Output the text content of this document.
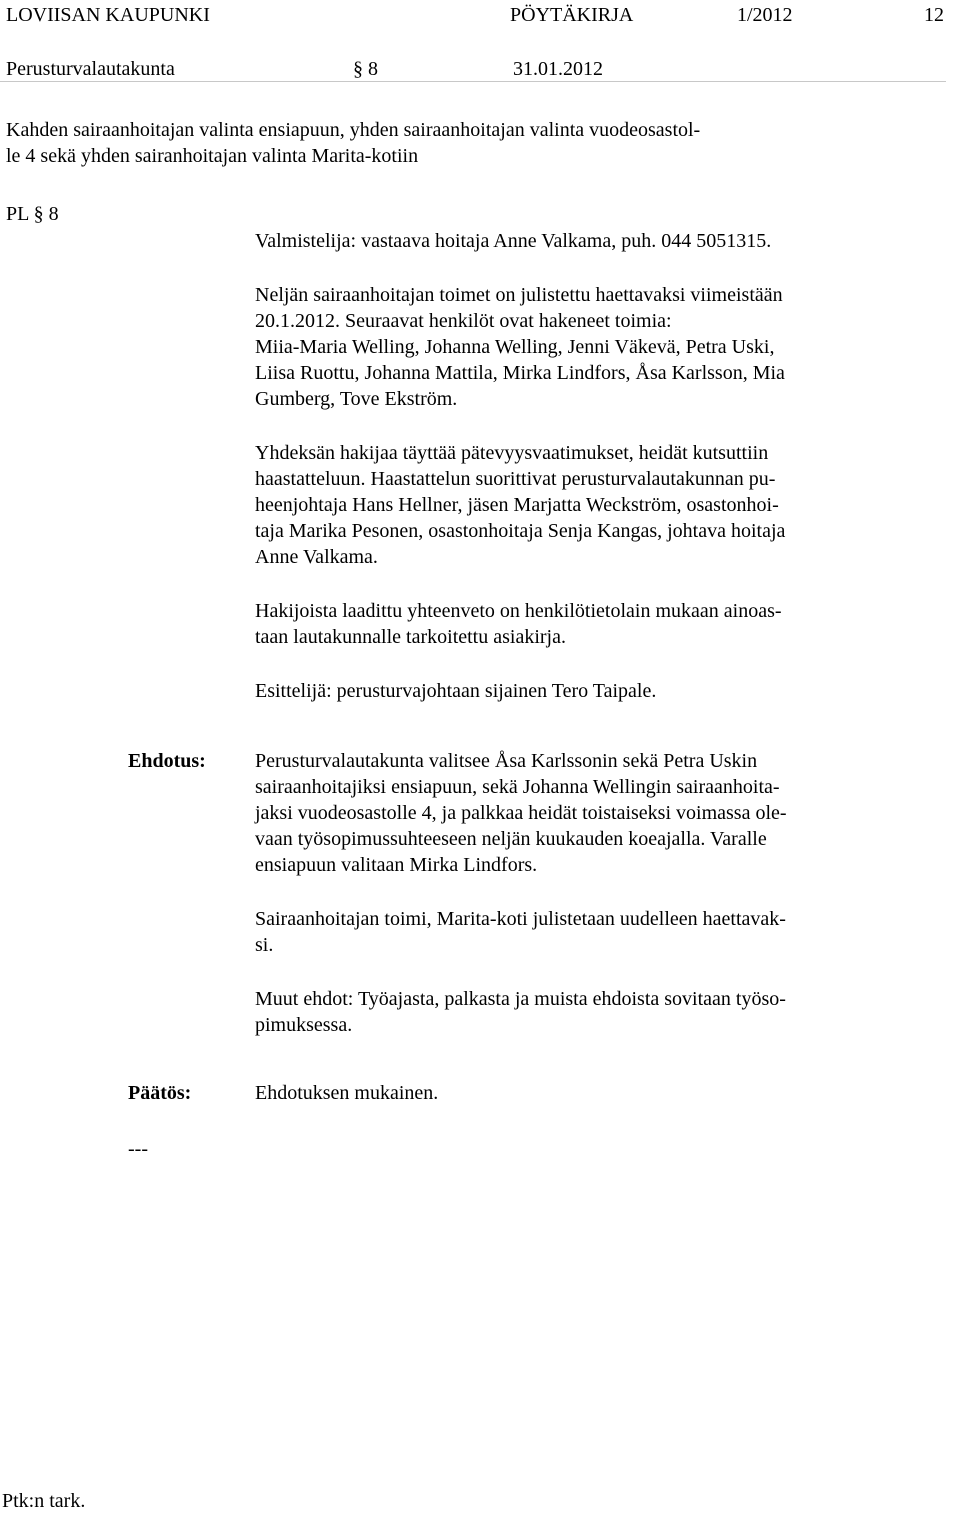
LOVIISAN KAUPUNKI	PÖYTÄKIRJA	1/2012	12
Perusturvalautakunta	§ 8	31.01.2012
Kahden sairaanhoitajan valinta ensiapuun, yhden sairaanhoitajan valinta vuodeosastol-
le 4 sekä yhden sairanhoitajan valinta Marita-kotiin
PL § 8
Valmistelija: vastaava hoitaja Anne Valkama, puh. 044 5051315.
Neljän sairaanhoitajan toimet on julistettu haettavaksi viimeistään
20.1.2012. Seuraavat henkilöt ovat hakeneet toimia:
Miia-Maria Welling, Johanna Welling, Jenni Väkevä, Petra Uski,
Liisa Ruottu, Johanna Mattila, Mirka Lindfors, Åsa Karlsson, Mia
Gumberg, Tove Ekström.
Yhdeksän hakijaa täyttää pätevyysvaatimukset, heidät kutsuttiin
haastatteluun. Haastattelun suorittivat perusturvalautakunnan pu-
heenjohtaja Hans Hellner, jäsen Marjatta Weckström, osastonhoi-
taja Marika Pesonen, osastonhoitaja Senja Kangas, johtava hoitaja
Anne Valkama.
Hakijoista laadittu yhteenveto on henkilötietolain mukaan ainoas-
taan lautakunnalle tarkoitettu asiakirja.
Esittelijä: perusturvajohtaan sijainen Tero Taipale.
Ehdotus: Perusturvalautakunta valitsee Åsa Karlssonin sekä Petra Uskin
sairaanhoitajiksi ensiapuun, sekä Johanna Wellingin sairaanhoita-
jaksi vuodeosastolle 4, ja palkkaa heidät toistaiseksi voimassa ole-
vaan työsopimussuhteeseen neljän kuukauden koeajalla. Varalle
ensiapuun valitaan Mirka Lindfors.
Sairaanhoitajan toimi, Marita-koti julistetaan uudelleen haettavak-
si.
Muut ehdot: Työajasta, palkasta ja muista ehdoista sovitaan työso-
pimuksessa.
Päätös:	Ehdotuksen mukainen.
---
Ptk:n tark.
